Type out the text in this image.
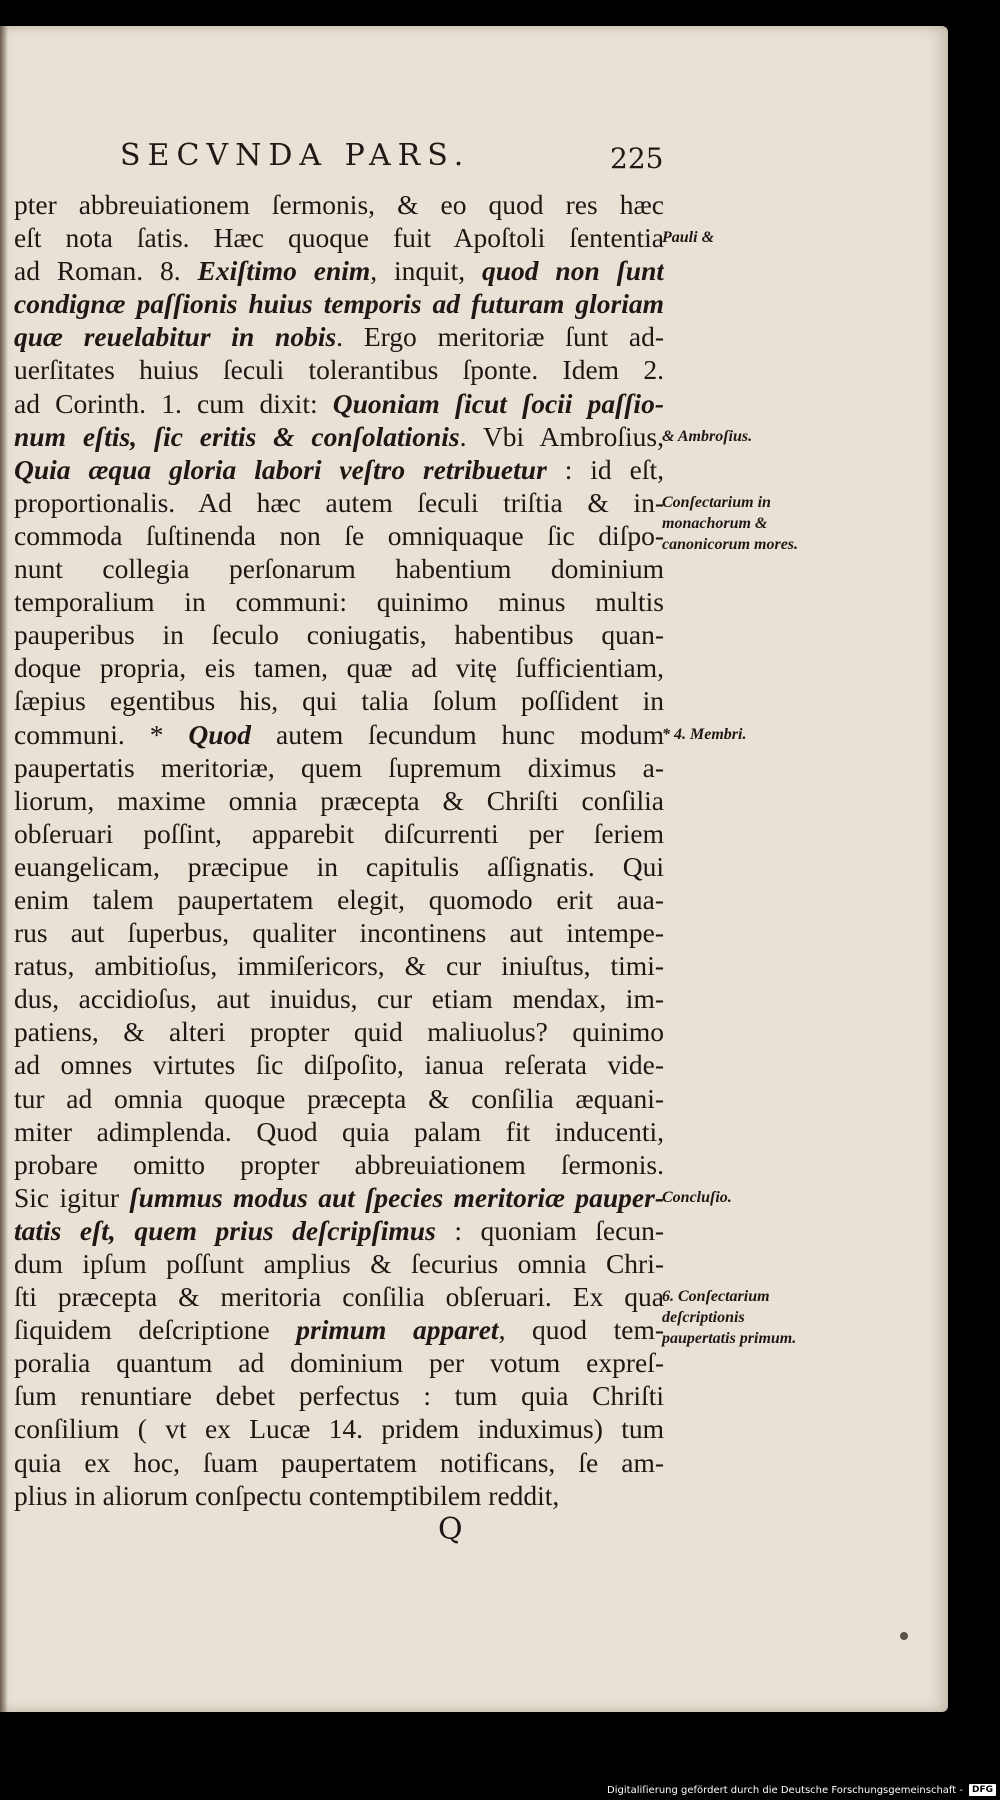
SECVNDA PARS.	225
pter abbreuiationem ſermonis, & eo quod res hæc
eſt nota ſatis. Hæc quoque fuit Apoſtoli ſententia
ad Roman. 8. Exiſtimo enim, inquit, quod non ſunt
condignæ paſſionis huius temporis ad futuram gloriam
quæ reuelabitur in nobis. Ergo meritoriæ ſunt ad-
uerſitates huius ſeculi tolerantibus ſponte. Idem 2.
ad Corinth. 1. cum dixit: Quoniam ſicut ſocii paſſio-
num eſtis, ſic eritis & conſolationis. Vbi Ambroſius,
Quia æqua gloria labori veſtro retribuetur : id eſt,
proportionalis. Ad hæc autem ſeculi triſtia & in-
commoda ſuſtinenda non ſe omniquaque ſic diſpo-
nunt collegia perſonarum habentium dominium
temporalium in communi: quinimo minus multis
pauperibus in ſeculo coniugatis, habentibus quan-
doque propria, eis tamen, quæ ad vitę ſufficientiam,
ſæpius egentibus his, qui talia ſolum poſſident in
communi. * Quod autem ſecundum hunc modum
paupertatis meritoriæ, quem ſupremum diximus a-
liorum, maxime omnia præcepta & Chriſti conſilia
obſeruari poſſint, apparebit diſcurrenti per ſeriem
euangelicam, præcipue in capitulis aſſignatis. Qui
enim talem paupertatem elegit, quomodo erit aua-
rus aut ſuperbus, qualiter incontinens aut intempe-
ratus, ambitioſus, immiſericors, & cur iniuſtus, timi-
dus, accidioſus, aut inuidus, cur etiam mendax, im-
patiens, & alteri propter quid maliuolus? quinimo
ad omnes virtutes ſic diſpoſito, ianua reſerata vide-
tur ad omnia quoque præcepta & conſilia æquani-
miter adimplenda. Quod quia palam fit inducenti,
probare omitto propter abbreuiationem ſermonis.
Sic igitur ſummus modus aut ſpecies meritoriæ pauper-
tatis eſt, quem prius deſcripſimus : quoniam ſecun-
dum ipſum poſſunt amplius & ſecurius omnia Chri-
ſti præcepta & meritoria conſilia obſeruari. Ex qua
ſiquidem deſcriptione primum apparet, quod tem-
poralia quantum ad dominium per votum expreſ-
ſum renuntiare debet perfectus : tum quia Chriſti
conſilium ( vt ex Lucæ 14. pridem induximus) tum
quia ex hoc, ſuam paupertatem notificans, ſe am-
plius in aliorum conſpectu contemptibilem reddit,
Pauli &
& Ambroſius.
Conſectarium in monachorum & canonicorum mores.
* 4. Membri.
Concluſio.
6. Conſectarium deſcriptionis paupertatis primum.
Q
Digitaliſierung gefördert durch die Deutsche Forschungsgemeinschaft -	DFG
